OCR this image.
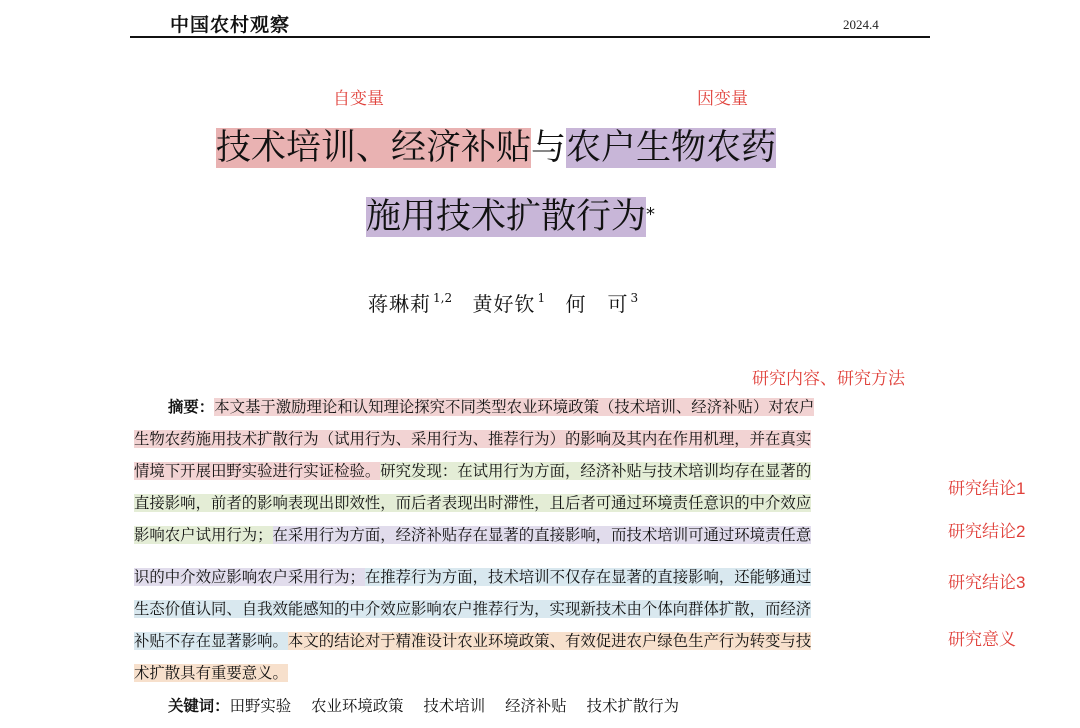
中国农村观察	2024.4
自变量	因变量
技术培训、经济补贴与农户生物农药
施用技术扩散行为*
蒋琳莉 $^{1,2}$ 黄好钦 $^1$ 何　可 $^3$
研究内容、研究方法
研究结论1
研究结论2
研究结论3
研究意义
摘要：本文基于激励理论和认知理论探究不同类型农业环境政策（技术培训、经济补贴）对农户
生物农药施用技术扩散行为（试用行为、采用行为、推荐行为）的影响及其内在作用机理，并在真实
情境下开展田野实验进行实证检验。研究发现：在试用行为方面，经济补贴与技术培训均存在显著的
直接影响，前者的影响表现出即效性，而后者表现出时滞性，且后者可通过环境责任意识的中介效应
影响农户试用行为；在采用行为方面，经济补贴存在显著的直接影响，而技术培训可通过环境责任意
识的中介效应影响农户采用行为；在推荐行为方面，技术培训不仅存在显著的直接影响，还能够通过
生态价值认同、自我效能感知的中介效应影响农户推荐行为，实现新技术由个体向群体扩散，而经济
补贴不存在显著影响。本文的结论对于精准设计农业环境政策、有效促进农户绿色生产行为转变与技
术扩散具有重要意义。
关键词：田野实验 农业环境政策 技术培训 经济补贴 技术扩散行为
